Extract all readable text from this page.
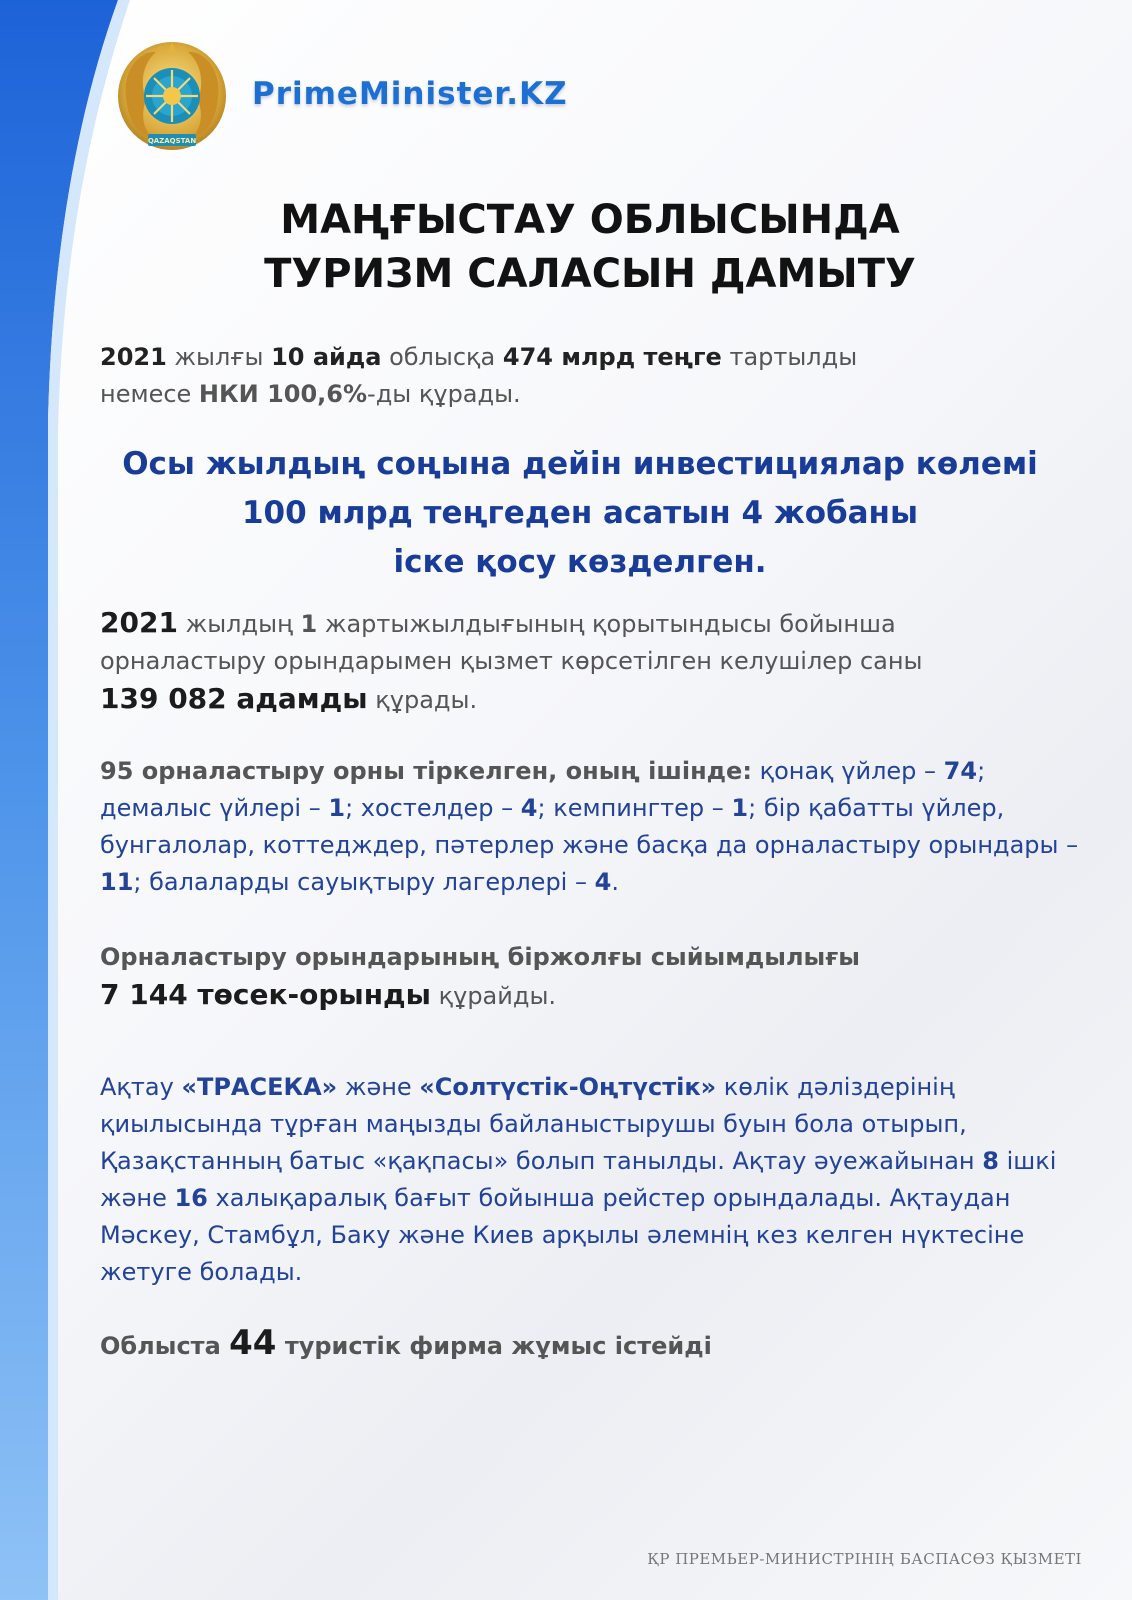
QAZAQSTAN
PrimeMinister.KZ
МАҢҒЫСТАУ ОБЛЫСЫНДА
ТУРИЗМ САЛАСЫН ДАМЫТУ
2021 жылғы 10 айда облысқа 474 млрд теңге тартылды
немесе НКИ 100,6%-ды құрады.
Осы жылдың соңына дейін инвестициялар көлемі
100 млрд теңгеден асатын 4 жобаны
іске қосу көзделген.
2021 жылдың 1 жартыжылдығының қорытындысы бойынша
орналастыру орындарымен қызмет көрсетілген келушілер саны
139 082 адамды құрады.
95 орналастыру орны тіркелген, оның ішінде: қонақ үйлер – 74; демалыс үйлері – 1; хостелдер – 4; кемпингтер – 1; бір қабатты үйлер, бунгалолар, коттедждер, пәтерлер және басқа да орналастыру орындары – 11; балаларды сауықтыру лагерлері – 4.
Орналастыру орындарының біржолғы сыйымдылығы
7 144 төсек-орынды құрайды.
Ақтау «ТРАСЕКА» және «Солтүстік-Оңтүстік» көлік дәліздерінің қиылысында тұрған маңызды байланыстырушы буын бола отырып, Қазақстанның батыс «қақпасы» болып танылды. Ақтау әуежайынан 8 ішкі және 16 халықаралық бағыт бойынша рейстер орындалады. Ақтаудан Мәскеу, Стамбұл, Баку және Киев арқылы әлемнің кез келген нүктесіне жетуге болады.
Облыста 44 туристік фирма жұмыс істейді
ҚР ПРЕМЬЕР-МИНИСТРІНІҢ БАСПАСӨЗ ҚЫЗМЕТІ
